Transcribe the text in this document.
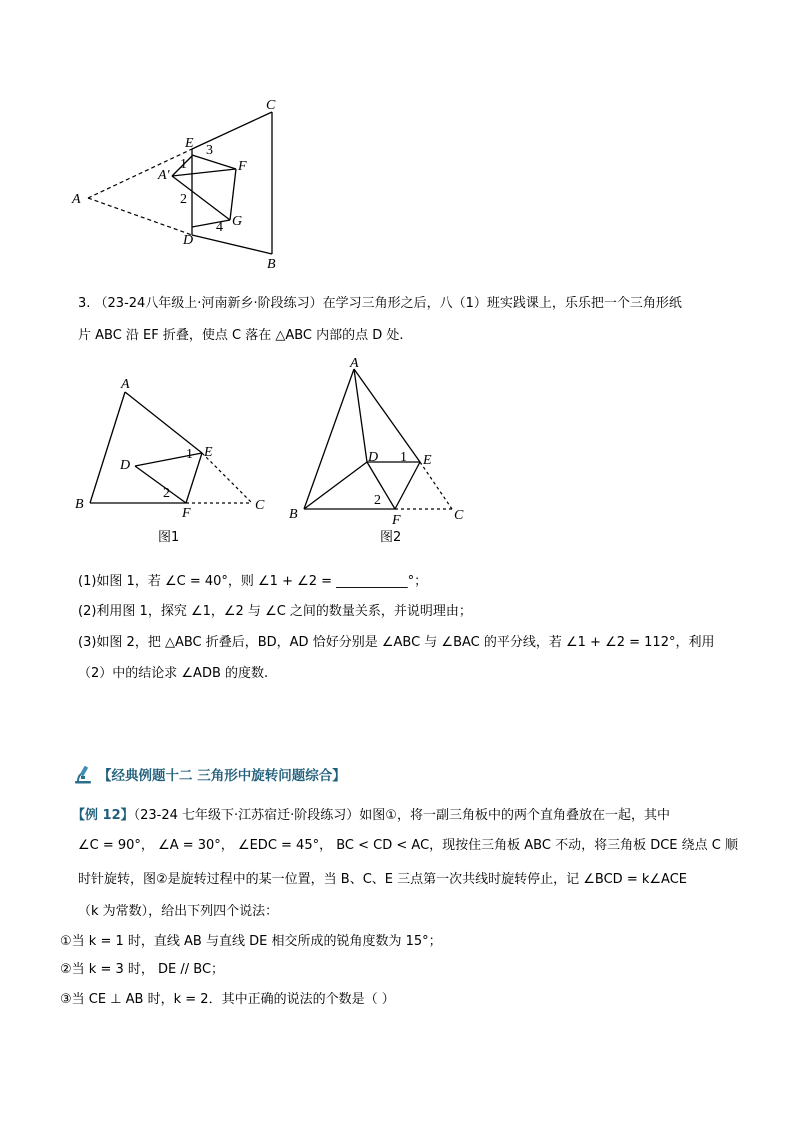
C
E 3
1	F
A'
A	2
G
D
4
B
3. （23-24八年级上·河南新乡·阶段练习）在学习三角形之后，八（1）班实践课上，乐乐把一个三角形纸
片 ABC 沿 EF 折叠，使点 C 落在 △ABC 内部的点 D 处.
A
B	C
D
E
F
1
2
图1
A
B	C
D	E
F
1
2
图2
(1)如图 1，若 ∠C = 40°，则 ∠1 + ∠2 = ___________°；
(2)利用图 1，探究 ∠1，∠2 与 ∠C 之间的数量关系，并说明理由；
(3)如图 2，把 △ABC 折叠后，BD，AD 恰好分别是 ∠ABC 与 ∠BAC 的平分线，若 ∠1 + ∠2 = 112°，利用
（2）中的结论求 ∠ADB 的度数.
【经典例题十二 三角形中旋转问题综合】
【例 12】（23-24 七年级下·江苏宿迁·阶段练习）如图①，将一副三角板中的两个直角叠放在一起，其中
∠C = 90°， ∠A = 30°， ∠EDC = 45°， BC < CD < AC，现按住三角板 ABC 不动，将三角板 DCE 绕点 C 顺
时针旋转，图②是旋转过程中的某一位置，当 B、C、E 三点第一次共线时旋转停止，记 ∠BCD = k∠ACE
（k 为常数），给出下列四个说法：
①当 k = 1 时，直线 AB 与直线 DE 相交所成的锐角度数为 15°；
②当 k = 3 时， DE // BC；
③当 CE ⊥ AB 时，k = 2．其中正确的说法的个数是（ ）
